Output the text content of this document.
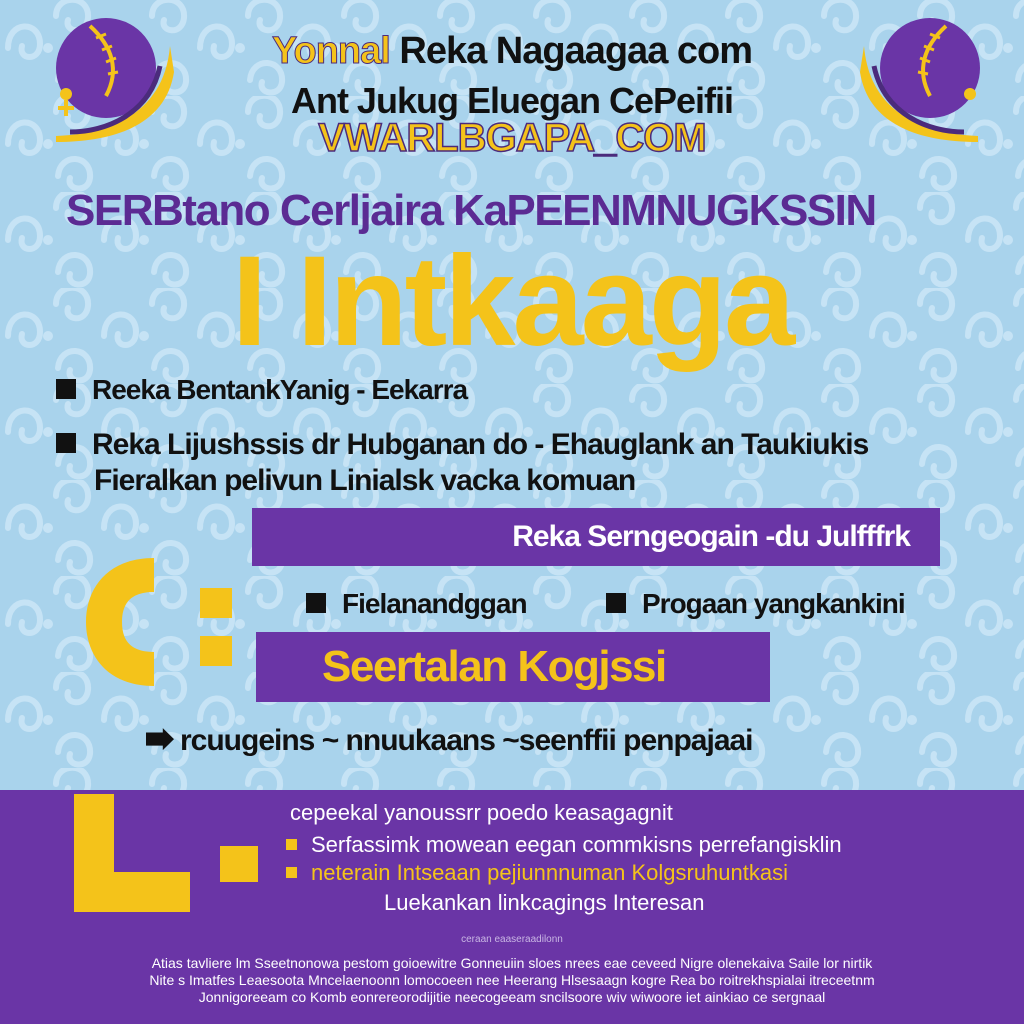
Yonnal Reka Nagaagaa com
Ant Jukug Eluegan CePeifii
VWARLBGAPA_COM
SERBtano Cerljaira KaPEENMNUGKSSIN
I Intkaaga
Reeka BentankYanig - Eekarra
Reka Lijushssis dr Hubganan do - Ehauglank an Taukiukis
Fieralkan pelivun Linialsk vacka komuan
Reka Serngeogain -du Julfffrk
Fielanandggan	Progaan yangkankini
Seertalan Kogjssi
rcuugeins ~ nnuukaans ~seenffii penpajaai
cepeekal yanoussrr poedo keasagagnit
Serfassimk mowean eegan commkisns perrefangisklin
neterain Intseaan pejiunnnuman Kolgsruhuntkasi
Luekankan linkcagings Interesan
ceraan eaaseraadilonn
Atias tavliere lm Sseetnonowa pestom goioewitre Gonneuiin sloes nrees eae ceveed Nigre olenekaiva Saile lor nirtik
Nite s Imatfes Leaesoota Mncelaenoonn lomocoeen nee Heerang Hlsesaagn kogre Rea bo roitrekhspialai itreceetnm
Jonnigoreeam co Komb eonrereorodijitie neecogeeam sncilsoore wiv wiwoore iet ainkiao ce sergnaal
